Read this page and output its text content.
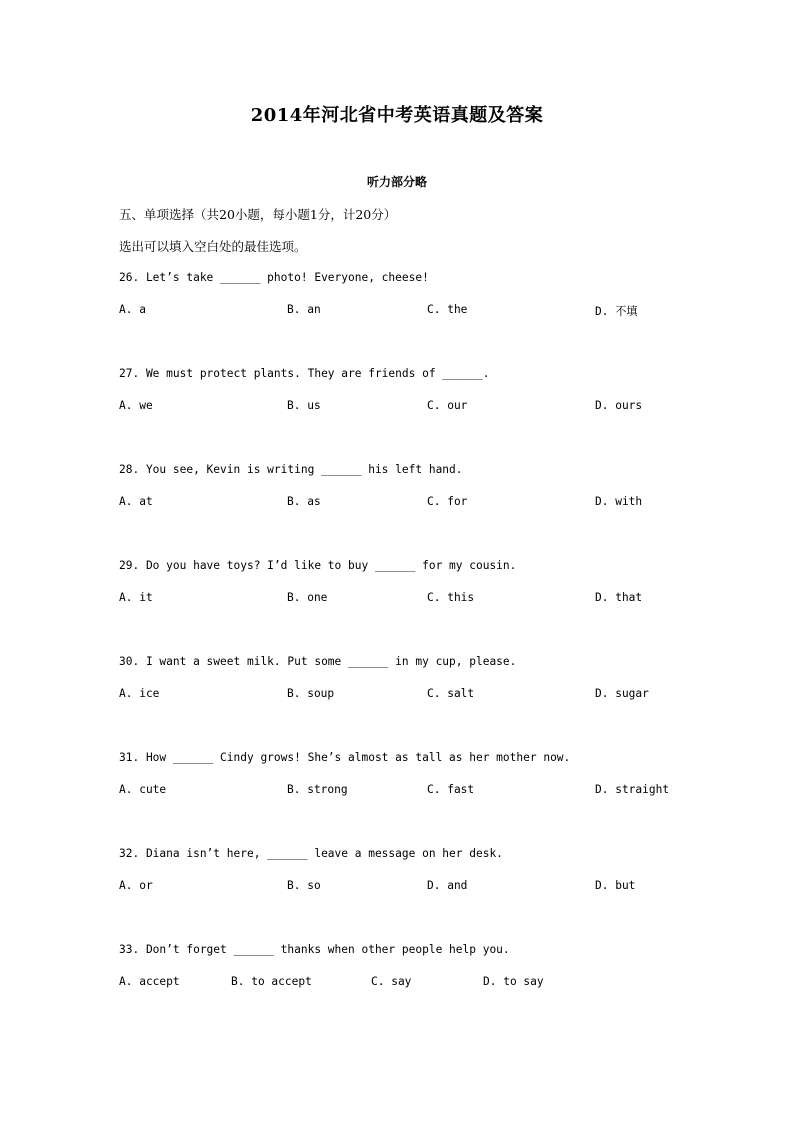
2014年河北省中考英语真题及答案
听力部分略
五、单项选择（共20小题，每小题1分，计20分）
选出可以填入空白处的最佳选项。
26. Let’s take ______ photo! Everyone, cheese!
A. a	B. an	C. the	D. 不填
27. We must protect plants. They are friends of ______.
A. we	B. us	C. our	D. ours
28. You see, Kevin is writing ______ his left hand.
A. at	B. as	C. for	D. with
29. Do you have toys? I’d like to buy ______ for my cousin.
A. it	B. one	C. this	D. that
30. I want a sweet milk. Put some ______ in my cup, please.
A. ice	B. soup	C. salt	D. sugar
31. How ______ Cindy grows! She’s almost as tall as her mother now.
A. cute	B. strong	C. fast	D. straight
32. Diana isn’t here, ______ leave a message on her desk.
A. or	B. so	D. and	D. but
33. Don’t forget ______ thanks when other people help you.
A. accept	B. to accept	C. say	D. to say
